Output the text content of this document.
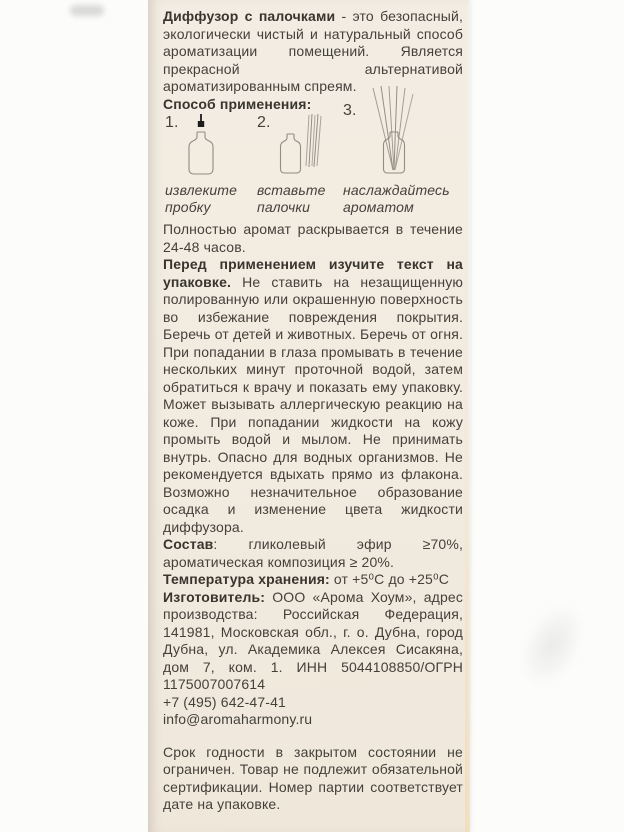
Диффузор с палочками - это безопасный, экологически чистый и натуральный способ ароматизации помещений. Является прекрасной альтернативой ароматизированным спреям.

Способ применения:

1.
извлеките пробку
2.
вставьте палочки
3.
наслаждайтесь ароматом

Полностью аромат раскрывается в течение 24-48 часов.

Перед применением изучите текст на упаковке. Не ставить на незащищенную полированную или окрашенную поверхность во избежание повреждения покрытия. Беречь от детей и животных. Беречь от огня. При попадании в глаза промывать в течение нескольких минут проточной водой, затем обратиться к врачу и показать ему упаковку. Может вызывать аллергическую реакцию на коже. При попадании жидкости на кожу промыть водой и мылом. Не принимать внутрь. Опасно для водных организмов. Не рекомендуется вдыхать прямо из флакона. Возможно незначительное образование осадка и изменение цвета жидкости диффузора.

Состав: гликолевый эфир ≥70%, ароматическая композиция ≥ 20%.

Температура хранения: от +5⁰С до +25⁰С

Изготовитель: ООО «Арома Хоум», адрес производства: Российская Федерация, 141981, Московская обл., г. о. Дубна, город Дубна, ул. Академика Алексея Сисакяна, дом 7, ком. 1. ИНН 5044108850/ОГРН 1175007007614

+7 (495) 642-47-41
info@aromaharmony.ru

Срок годности в закрытом состоянии не ограничен. Товар не подлежит обязательной сертификации. Номер партии соответствует дате на упаковке.
